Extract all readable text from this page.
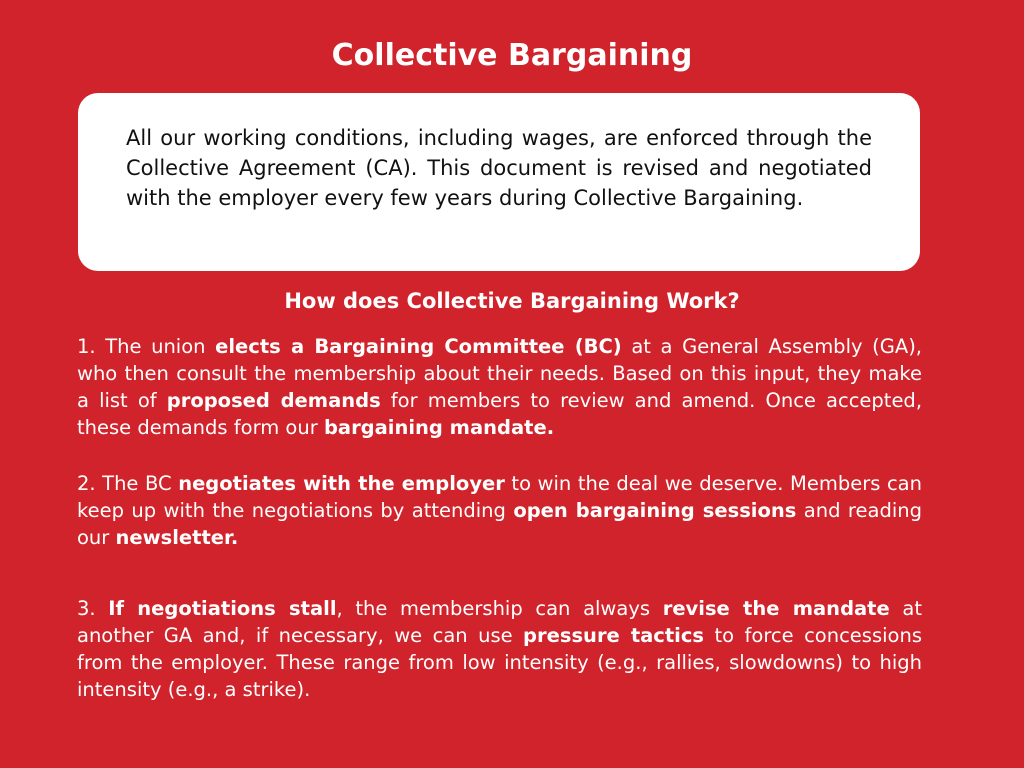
Collective Bargaining

All our working conditions, including wages, are enforced through the Collective Agreement (CA). This document is revised and negotiated with the employer every few years during Collective Bargaining.

How does Collective Bargaining Work?

1. The union elects a Bargaining Committee (BC) at a General Assembly (GA), who then consult the membership about their needs. Based on this input, they make a list of proposed demands for members to review and amend. Once accepted, these demands form our bargaining mandate.

2. The BC negotiates with the employer to win the deal we deserve. Members can keep up with the negotiations by attending open bargaining sessions and reading our newsletter.

3. If negotiations stall, the membership can always revise the mandate at another GA and, if necessary, we can use pressure tactics to force concessions from the employer. These range from low intensity (e.g., rallies, slowdowns) to high intensity (e.g., a strike).
